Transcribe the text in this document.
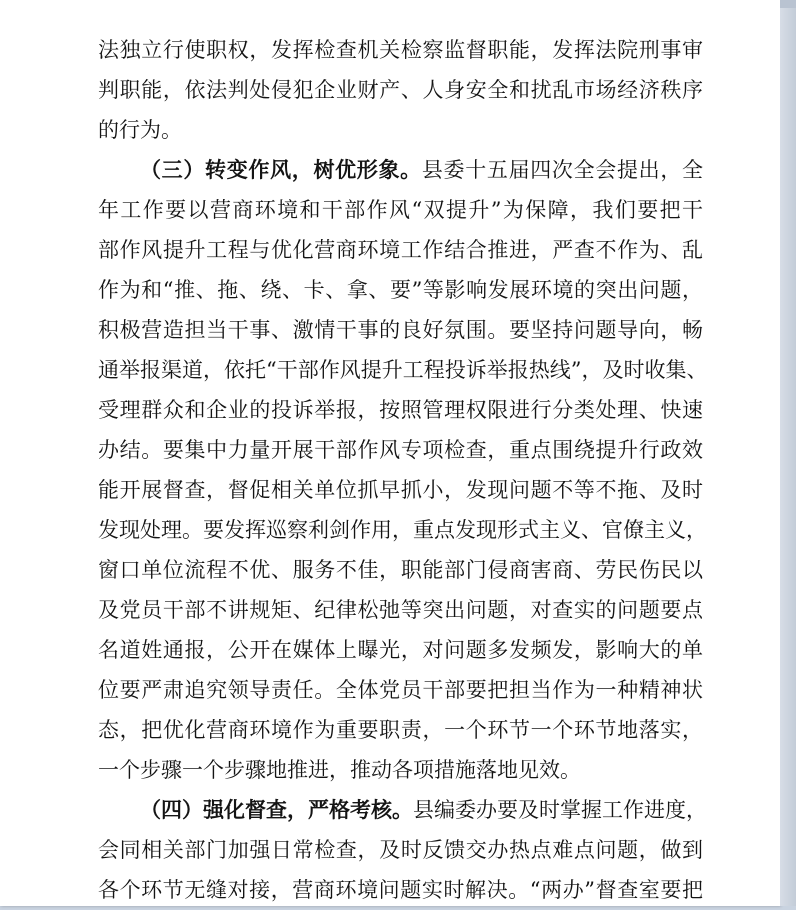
法独立行使职权，发挥检查机关检察监督职能，发挥法院刑事审
判职能，依法判处侵犯企业财产、人身安全和扰乱市场经济秩序
的行为。
（三）转变作风，树优形象。县委十五届四次全会提出，全
年工作要以营商环境和干部作风“双提升”为保障，我们要把干
部作风提升工程与优化营商环境工作结合推进，严查不作为、乱
作为和“推、拖、绕、卡、拿、要”等影响发展环境的突出问题，
积极营造担当干事、激情干事的良好氛围。要坚持问题导向，畅
通举报渠道，依托“干部作风提升工程投诉举报热线”，及时收集、
受理群众和企业的投诉举报，按照管理权限进行分类处理、快速
办结。要集中力量开展干部作风专项检查，重点围绕提升行政效
能开展督查，督促相关单位抓早抓小，发现问题不等不拖、及时
发现处理。要发挥巡察利剑作用，重点发现形式主义、官僚主义，
窗口单位流程不优、服务不佳，职能部门侵商害商、劳民伤民以
及党员干部不讲规矩、纪律松弛等突出问题，对查实的问题要点
名道姓通报，公开在媒体上曝光，对问题多发频发，影响大的单
位要严肃追究领导责任。全体党员干部要把担当作为一种精神状
态，把优化营商环境作为重要职责，一个环节一个环节地落实，
一个步骤一个步骤地推进，推动各项措施落地见效。
（四）强化督查，严格考核。县编委办要及时掌握工作进度，
会同相关部门加强日常检查，及时反馈交办热点难点问题，做到
各个环节无缝对接，营商环境问题实时解决。“两办”督查室要把
